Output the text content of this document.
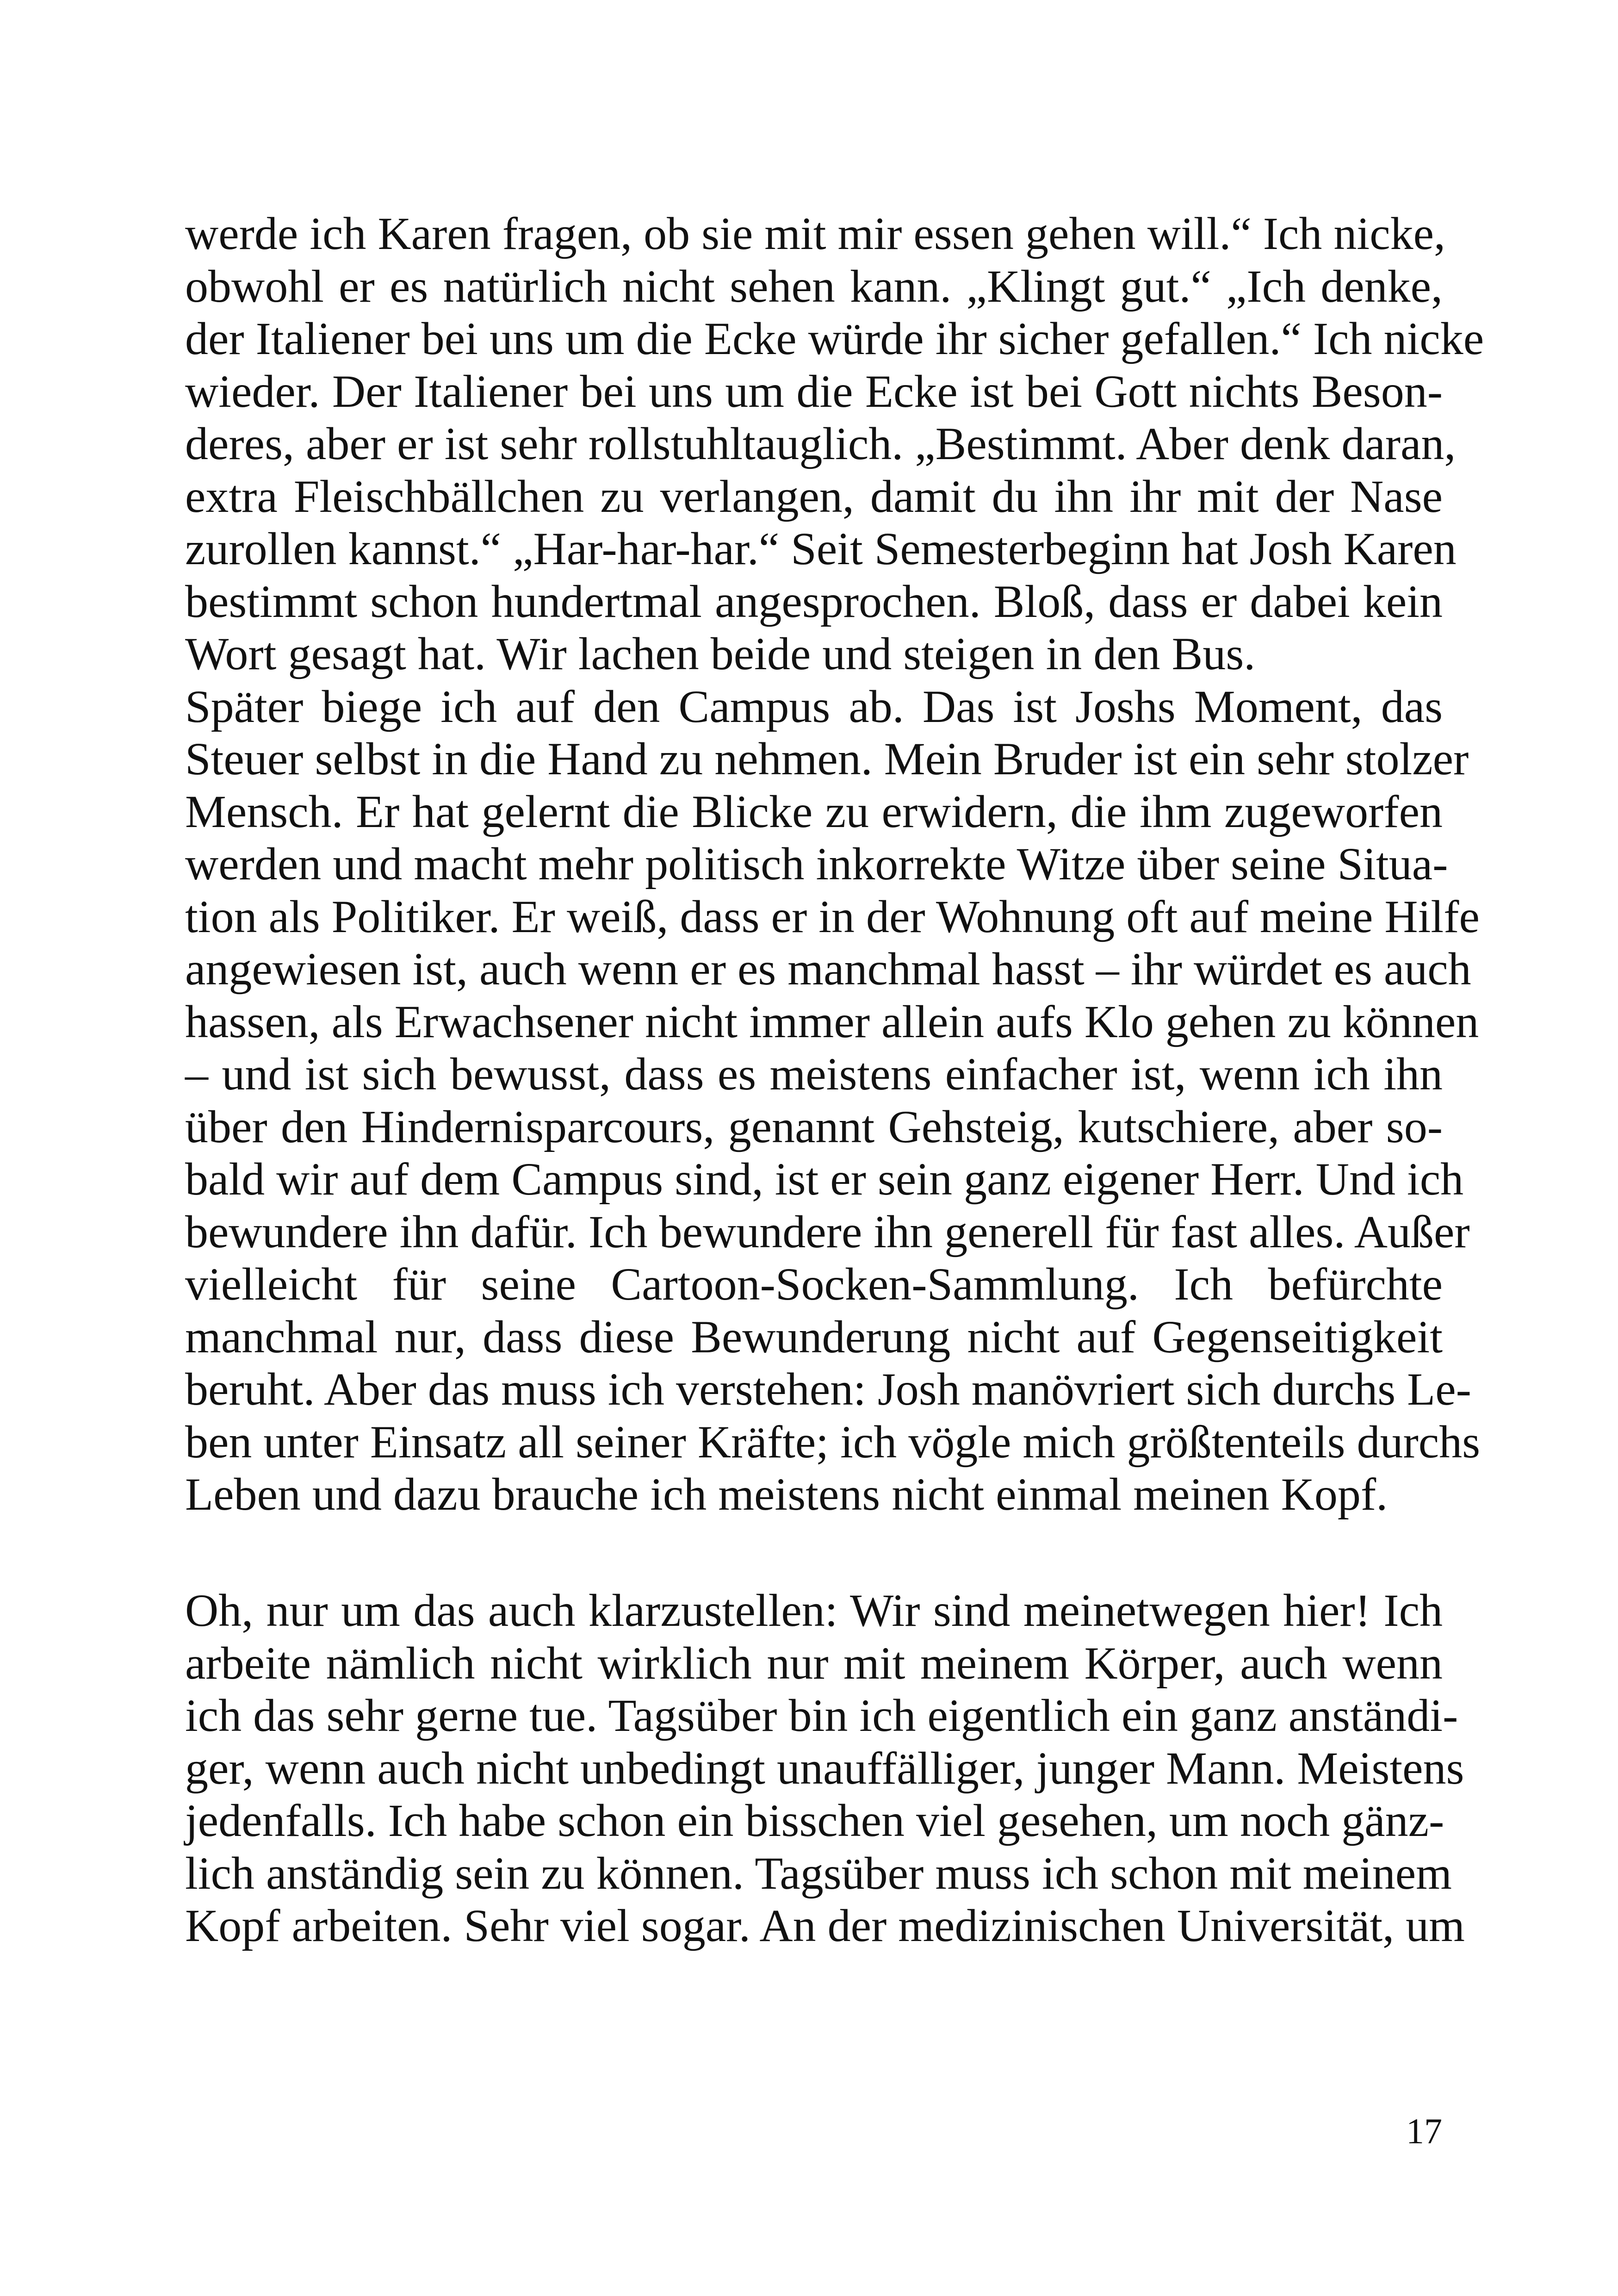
werde ich Karen fragen, ob sie mit mir essen gehen will.“ Ich nicke,
obwohl er es natürlich nicht sehen kann. „Klingt gut.“ „Ich denke,
der Italiener bei uns um die Ecke würde ihr sicher gefallen.“ Ich nicke
wieder. Der Italiener bei uns um die Ecke ist bei Gott nichts Beson-
deres, aber er ist sehr rollstuhltauglich. „Bestimmt. Aber denk daran,
extra Fleischbällchen zu verlangen, damit du ihn ihr mit der Nase
zurollen kannst.“ „Har-har-har.“ Seit Semesterbeginn hat Josh Karen
bestimmt schon hundertmal angesprochen. Bloß, dass er dabei kein
Wort gesagt hat. Wir lachen beide und steigen in den Bus.
Später biege ich auf den Campus ab. Das ist Joshs Moment, das
Steuer selbst in die Hand zu nehmen. Mein Bruder ist ein sehr stolzer
Mensch. Er hat gelernt die Blicke zu erwidern, die ihm zugeworfen
werden und macht mehr politisch inkorrekte Witze über seine Situa-
tion als Politiker. Er weiß, dass er in der Wohnung oft auf meine Hilfe
angewiesen ist, auch wenn er es manchmal hasst – ihr würdet es auch
hassen, als Erwachsener nicht immer allein aufs Klo gehen zu können
– und ist sich bewusst, dass es meistens einfacher ist, wenn ich ihn
über den Hindernisparcours, genannt Gehsteig, kutschiere, aber so-
bald wir auf dem Campus sind, ist er sein ganz eigener Herr. Und ich
bewundere ihn dafür. Ich bewundere ihn generell für fast alles. Außer
vielleicht für seine Cartoon-Socken-Sammlung. Ich befürchte
manchmal nur, dass diese Bewunderung nicht auf Gegenseitigkeit
beruht. Aber das muss ich verstehen: Josh manövriert sich durchs Le-
ben unter Einsatz all seiner Kräfte; ich vögle mich größtenteils durchs
Leben und dazu brauche ich meistens nicht einmal meinen Kopf.
Oh, nur um das auch klarzustellen: Wir sind meinetwegen hier! Ich
arbeite nämlich nicht wirklich nur mit meinem Körper, auch wenn
ich das sehr gerne tue. Tagsüber bin ich eigentlich ein ganz anständi-
ger, wenn auch nicht unbedingt unauffälliger, junger Mann. Meistens
jedenfalls. Ich habe schon ein bisschen viel gesehen, um noch gänz-
lich anständig sein zu können. Tagsüber muss ich schon mit meinem
Kopf arbeiten. Sehr viel sogar. An der medizinischen Universität, um
17
